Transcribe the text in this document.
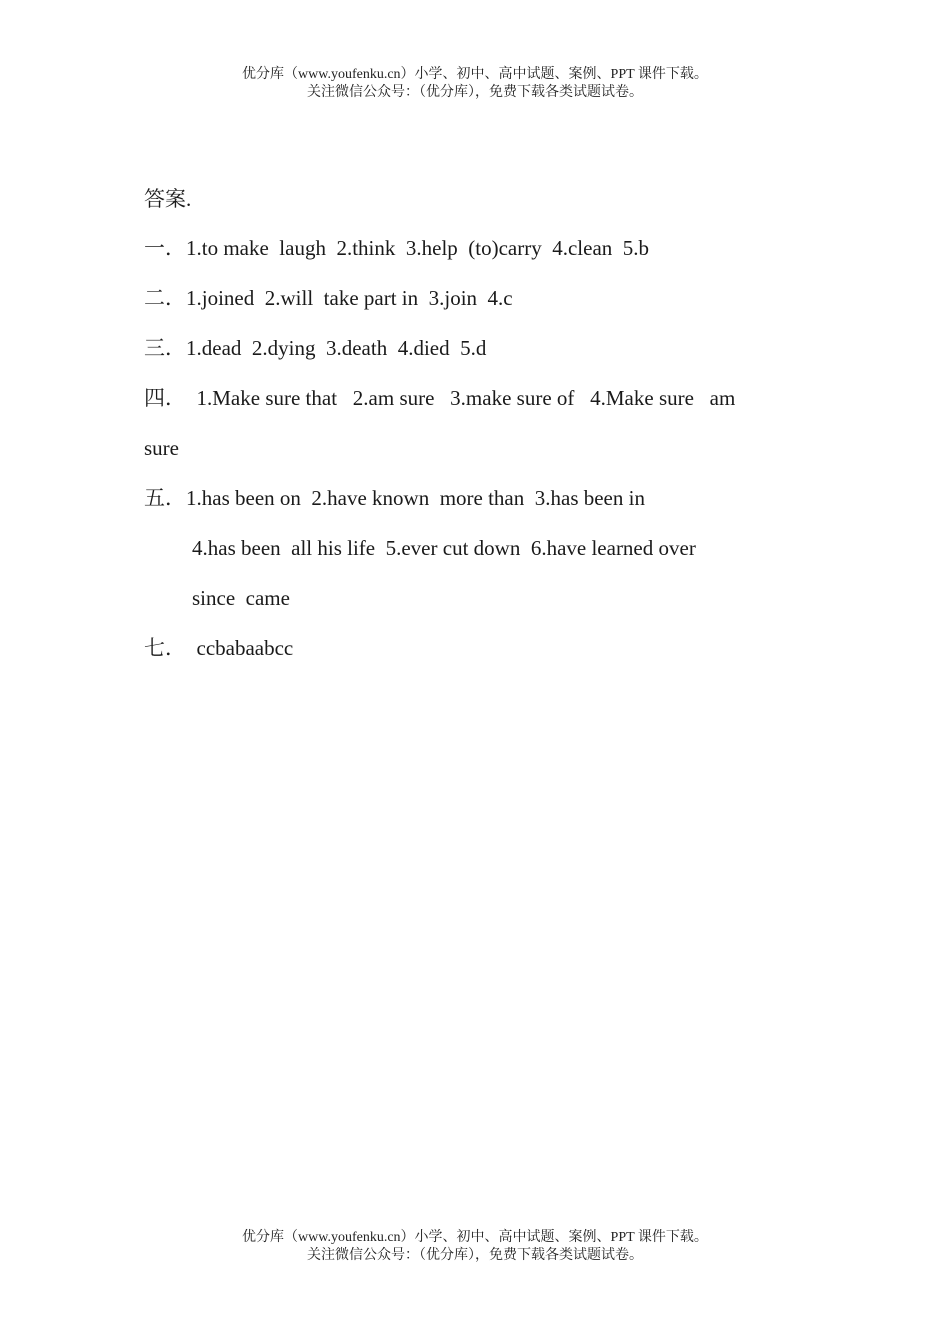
优分库（www.youfenku.cn）小学、初中、高中试题、案例、PPT 课件下载。
关注微信公众号：（优分库），免费下载各类试题试卷。
答案.
一．1.to make  laugh  2.think  3.help  (to)carry  4.clean  5.b
二．1.joined  2.will  take part in  3.join  4.c
三．1.dead  2.dying  3.death  4.died  5.d
四．  1.Make sure that   2.am sure   3.make sure of   4.Make sure   am
sure
五．1.has been on  2.have known  more than  3.has been in
4.has been  all his life  5.ever cut down  6.have learned over
since  came
七．  ccbabaabcc
优分库（www.youfenku.cn）小学、初中、高中试题、案例、PPT 课件下载。
关注微信公众号：（优分库），免费下载各类试题试卷。
